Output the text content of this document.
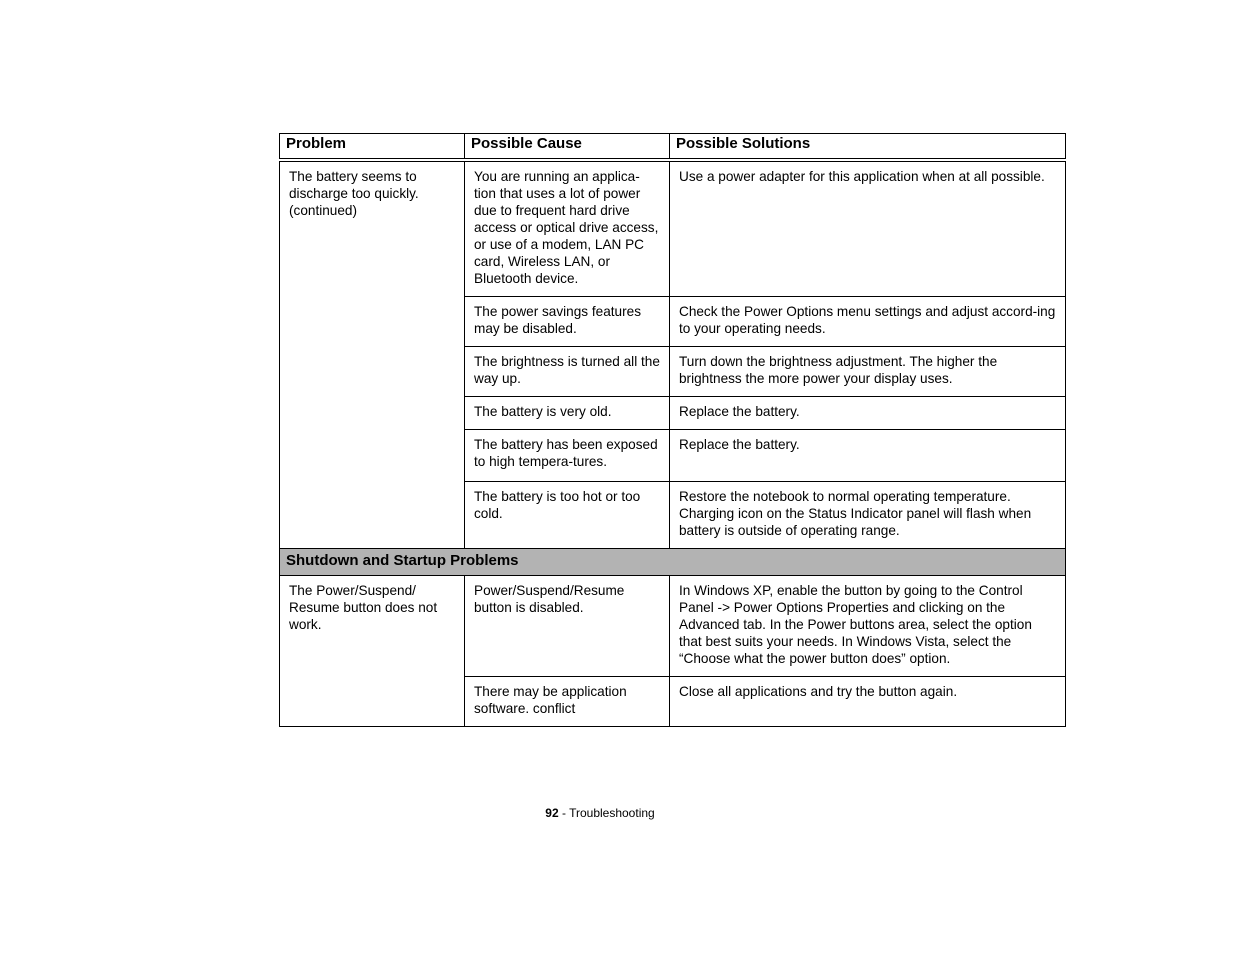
Problem	Possible Cause	Possible Solutions
The battery seems to discharge too quickly. (continued)	You are running an applica-tion that uses a lot of power due to frequent hard drive access or optical drive access, or use of a modem, LAN PC card, Wireless LAN, or Bluetooth device.	Use a power adapter for this application when at all possible.
	The power savings features may be disabled.	Check the Power Options menu settings and adjust accord-ing to your operating needs.
	The brightness is turned all the way up.	Turn down the brightness adjustment. The higher the brightness the more power your display uses.
	The battery is very old.	Replace the battery.
	The battery has been exposed to high tempera-tures.	Replace the battery.
	The battery is too hot or too cold.	Restore the notebook to normal operating temperature. Charging icon on the Status Indicator panel will flash when battery is outside of operating range.
Shutdown and Startup Problems		
The Power/Suspend/ Resume button does not work.	Power/Suspend/Resume button is disabled.	In Windows XP, enable the button by going to the Control Panel -> Power Options Properties and clicking on the Advanced tab. In the Power buttons area, select the option that best suits your needs. In Windows Vista, select the “Choose what the power button does” option.
	There may be application software. conflict	Close all applications and try the button again.
92 - Troubleshooting
